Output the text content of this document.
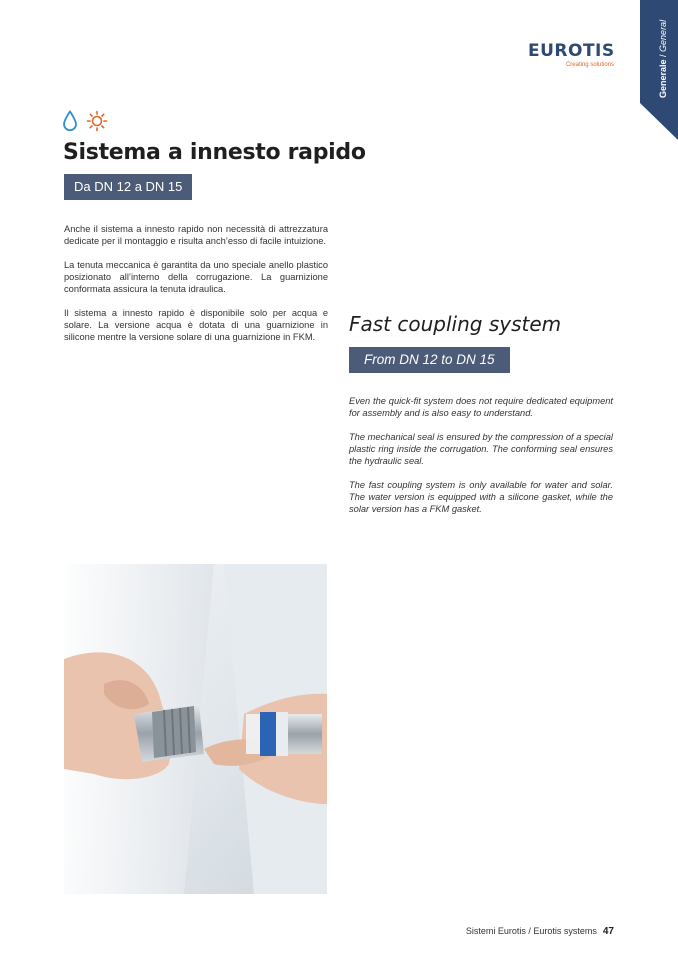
Generale / General
EUROTIS
Creating solutions
Sistema a innesto rapido
Da DN 12 a DN 15

Anche il sistema a innesto rapido non necessità di attrezzatura dedicate per il montaggio e risulta anch’esso di facile intuizione.

La tenuta meccanica è garantita da uno speciale anello plastico posizionato all’interno della corrugazione. La guarnizione conformata assicura la tenuta idraulica.

Il sistema a innesto rapido è disponibile solo per acqua e solare. La versione acqua è dotata di una guarnizione in silicone mentre la versione solare di una guarnizione in FKM.

Fast coupling system
From DN 12 to DN 15

Even the quick-fit system does not require dedicated equipment for assembly and is also easy to understand.

The mechanical seal is ensured by the compression of a special plastic ring inside the corrugation. The conforming seal ensures the hydraulic seal.

The fast coupling system is only available for water and solar. The water version is equipped with a silicone gasket, while the solar version has a FKM gasket.

Sistemi Eurotis / Eurotis systems 47
